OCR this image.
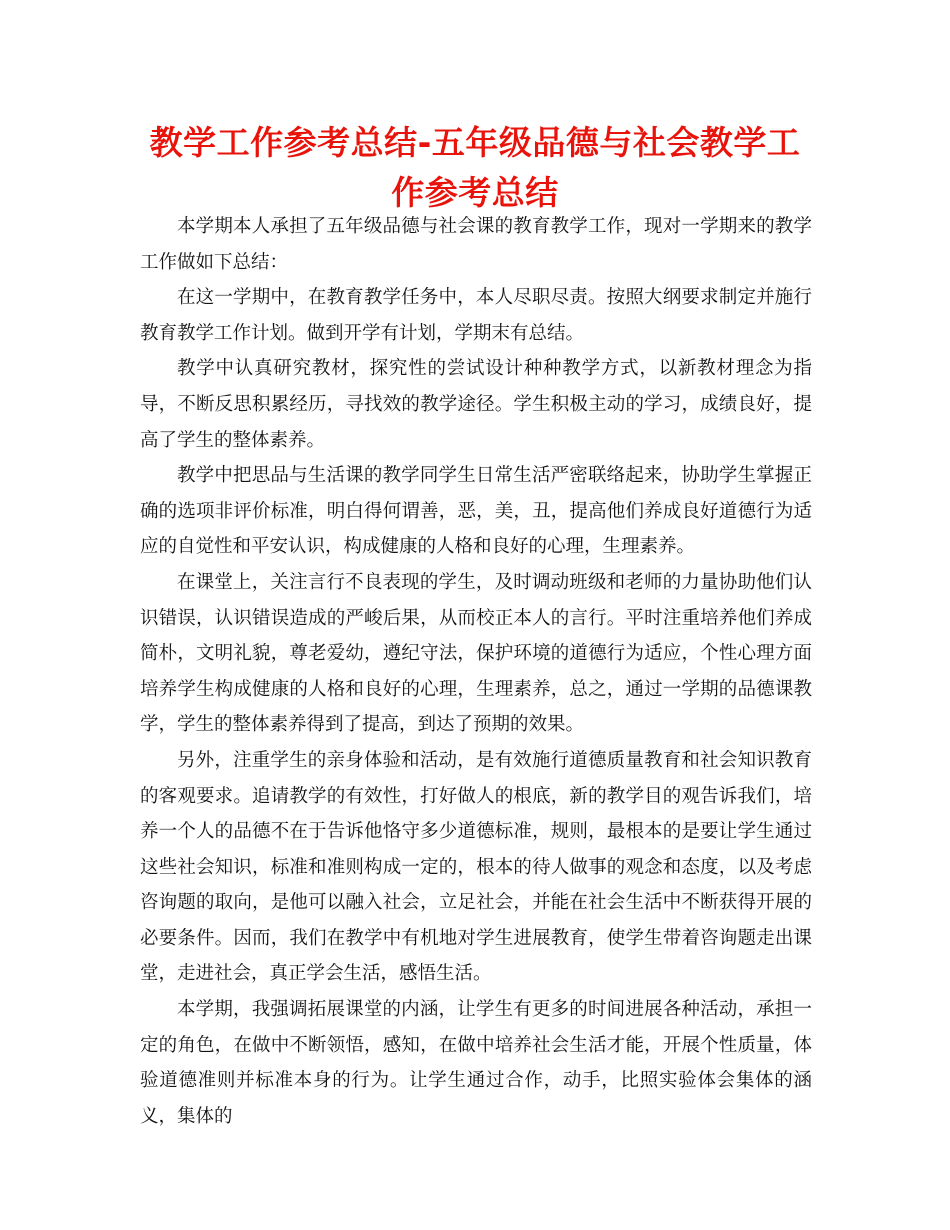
教学工作参考总结-五年级品德与社会教学工作参考总结

本学期本人承担了五年级品德与社会课的教育教学工作，现对一学期来的教学工作做如下总结：

在这一学期中，在教育教学任务中，本人尽职尽责。按照大纲要求制定并施行教育教学工作计划。做到开学有计划，学期末有总结。

教学中认真研究教材，探究性的尝试设计种种教学方式，以新教材理念为指导，不断反思积累经历，寻找效的教学途径。学生积极主动的学习，成绩良好，提高了学生的整体素养。

教学中把思品与生活课的教学同学生日常生活严密联络起来，协助学生掌握正确的选项非评价标准，明白得何谓善，恶，美，丑，提高他们养成良好道德行为适应的自觉性和平安认识，构成健康的人格和良好的心理，生理素养。

在课堂上，关注言行不良表现的学生，及时调动班级和老师的力量协助他们认识错误，认识错误造成的严峻后果，从而校正本人的言行。平时注重培养他们养成简朴，文明礼貌，尊老爱幼，遵纪守法，保护环境的道德行为适应，个性心理方面培养学生构成健康的人格和良好的心理，生理素养，总之，通过一学期的品德课教学，学生的整体素养得到了提高，到达了预期的效果。

另外，注重学生的亲身体验和活动，是有效施行道德质量教育和社会知识教育的客观要求。追请教学的有效性，打好做人的根底，新的教学目的观告诉我们，培养一个人的品德不在于告诉他恪守多少道德标准，规则，最根本的是要让学生通过这些社会知识，标准和准则构成一定的，根本的待人做事的观念和态度，以及考虑咨询题的取向，是他可以融入社会，立足社会，并能在社会生活中不断获得开展的必要条件。因而，我们在教学中有机地对学生进展教育，使学生带着咨询题走出课堂，走进社会，真正学会生活，感悟生活。

本学期，我强调拓展课堂的内涵，让学生有更多的时间进展各种活动，承担一定的角色，在做中不断领悟，感知，在做中培养社会生活才能，开展个性质量，体验道德准则并标准本身的行为。让学生通过合作，动手，比照实验体会集体的涵义，集体的
